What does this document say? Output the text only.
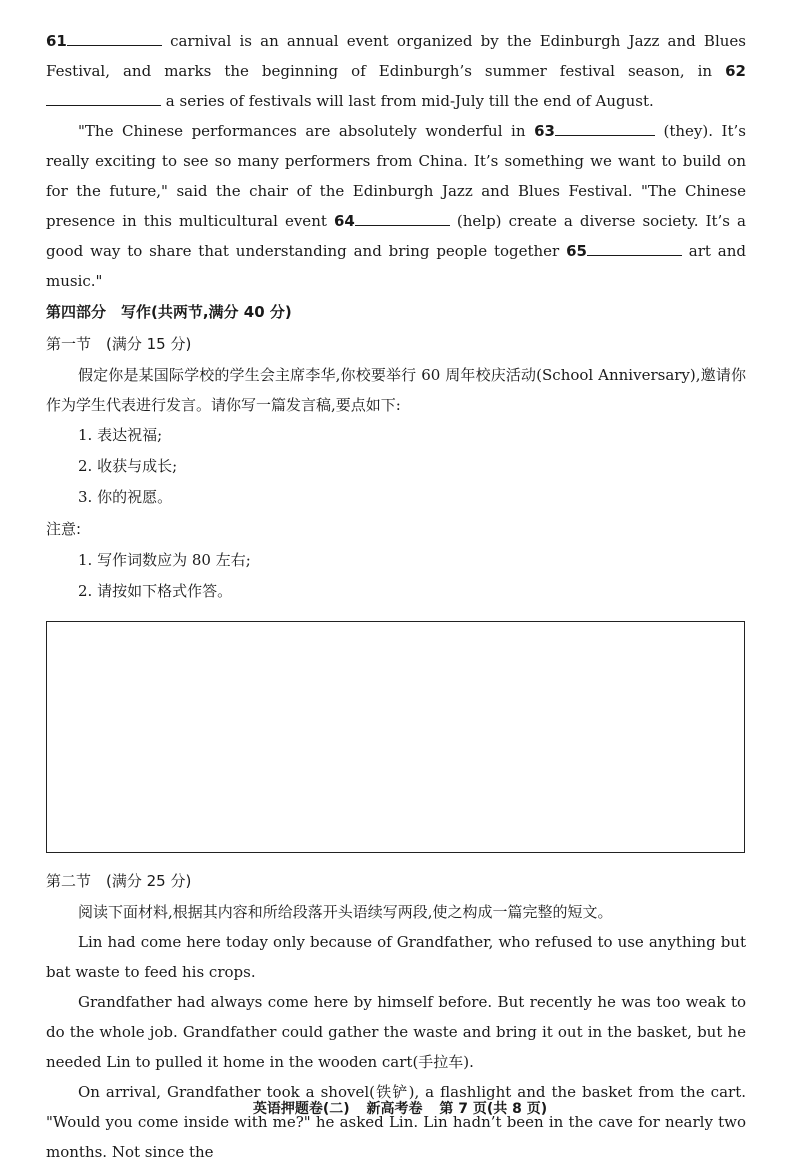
61	carnival is an annual event organized by the Edinburgh Jazz and Blues Festival, and marks the beginning of Edinburgh’s summer festival season, in 62 a series of festivals will last from mid-July till the end of August.

"The Chinese performances are absolutely wonderful in 63	(they). It’s really exciting to see so many performers from China. It’s something we want to build on for the future," said the chair of the Edinburgh Jazz and Blues Festival. "The Chinese presence in this multicultural event 64	(help) create a diverse society. It’s a good way to share that understanding and bring people together 65	art and music."

第四部分　写作(共两节,满分 40 分)

第一节　(满分 15 分)

假定你是某国际学校的学生会主席李华,你校要举行 60 周年校庆活动(School Anniversary),邀请你作为学生代表进行发言。请你写一篇发言稿,要点如下:

1. 表达祝福;

2. 收获与成长;

3. 你的祝愿。

注意:

1. 写作词数应为 80 左右;

2. 请按如下格式作答。

第二节　(满分 25 分)

阅读下面材料,根据其内容和所给段落开头语续写两段,使之构成一篇完整的短文。

Lin had come here today only because of Grandfather, who refused to use anything but bat waste to feed his crops.

Grandfather had always come here by himself before. But recently he was too weak to do the whole job. Grandfather could gather the waste and bring it out in the basket, but he needed Lin to pulled it home in the wooden cart(手拉车).

On arrival, Grandfather took a shovel(铁铲), a flashlight and the basket from the cart. "Would you come inside with me?" he asked Lin. Lin hadn’t been in the cave for nearly two months. Not since the

英语押题卷(二) 新高考卷 第 7 页(共 8 页)
